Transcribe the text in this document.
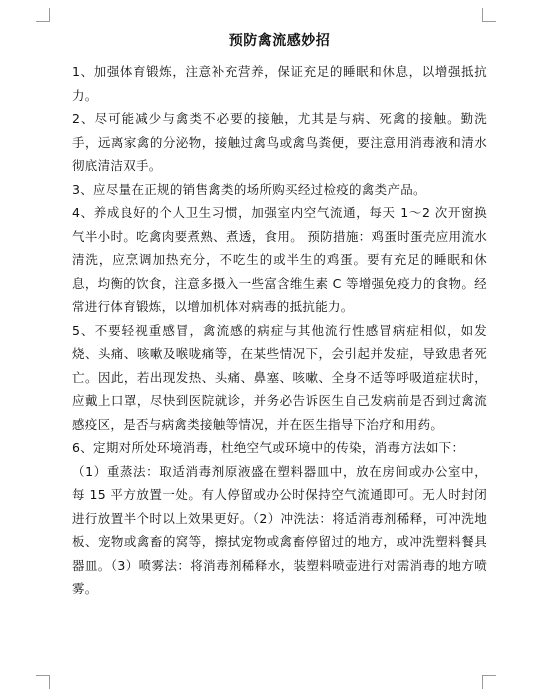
预防禽流感妙招

1、加强体育锻炼，注意补充营养，保证充足的睡眠和休息，以增强抵抗力。

2、尽可能减少与禽类不必要的接触，尤其是与病、死禽的接触。勤洗手，远离家禽的分泌物，接触过禽鸟或禽鸟粪便，要注意用消毒液和清水彻底清洁双手。

3、应尽量在正规的销售禽类的场所购买经过检疫的禽类产品。

4、养成良好的个人卫生习惯，加强室内空气流通，每天 1～2 次开窗换气半小时。吃禽肉要煮熟、煮透，食用。 预防措施：鸡蛋时蛋壳应用流水清洗，应烹调加热充分，不吃生的或半生的鸡蛋。要有充足的睡眠和休息，均衡的饮食，注意多摄入一些富含维生素 C 等增强免疫力的食物。经常进行体育锻炼，以增加机体对病毒的抵抗能力。

5、不要轻视重感冒，禽流感的病症与其他流行性感冒病症相似，如发烧、头痛、咳嗽及喉咙痛等，在某些情况下，会引起并发症，导致患者死亡。因此，若出现发热、头痛、鼻塞、咳嗽、全身不适等呼吸道症状时，应戴上口罩，尽快到医院就诊，并务必告诉医生自己发病前是否到过禽流感疫区，是否与病禽类接触等情况，并在医生指导下治疗和用药。

6、定期对所处环境消毒，杜绝空气或环境中的传染，消毒方法如下：

（1）重蒸法：取适消毒剂原液盛在塑料器皿中，放在房间或办公室中，每 15 平方放置一处。有人停留或办公时保持空气流通即可。无人时封闭进行放置半个时以上效果更好。（2）冲洗法：将适消毒剂稀释，可冲洗地板、宠物或禽畜的窝等，擦拭宠物或禽畜停留过的地方，或冲洗塑料餐具器皿。（3）喷雾法：将消毒剂稀释水，装塑料喷壶进行对需消毒的地方喷雾。
